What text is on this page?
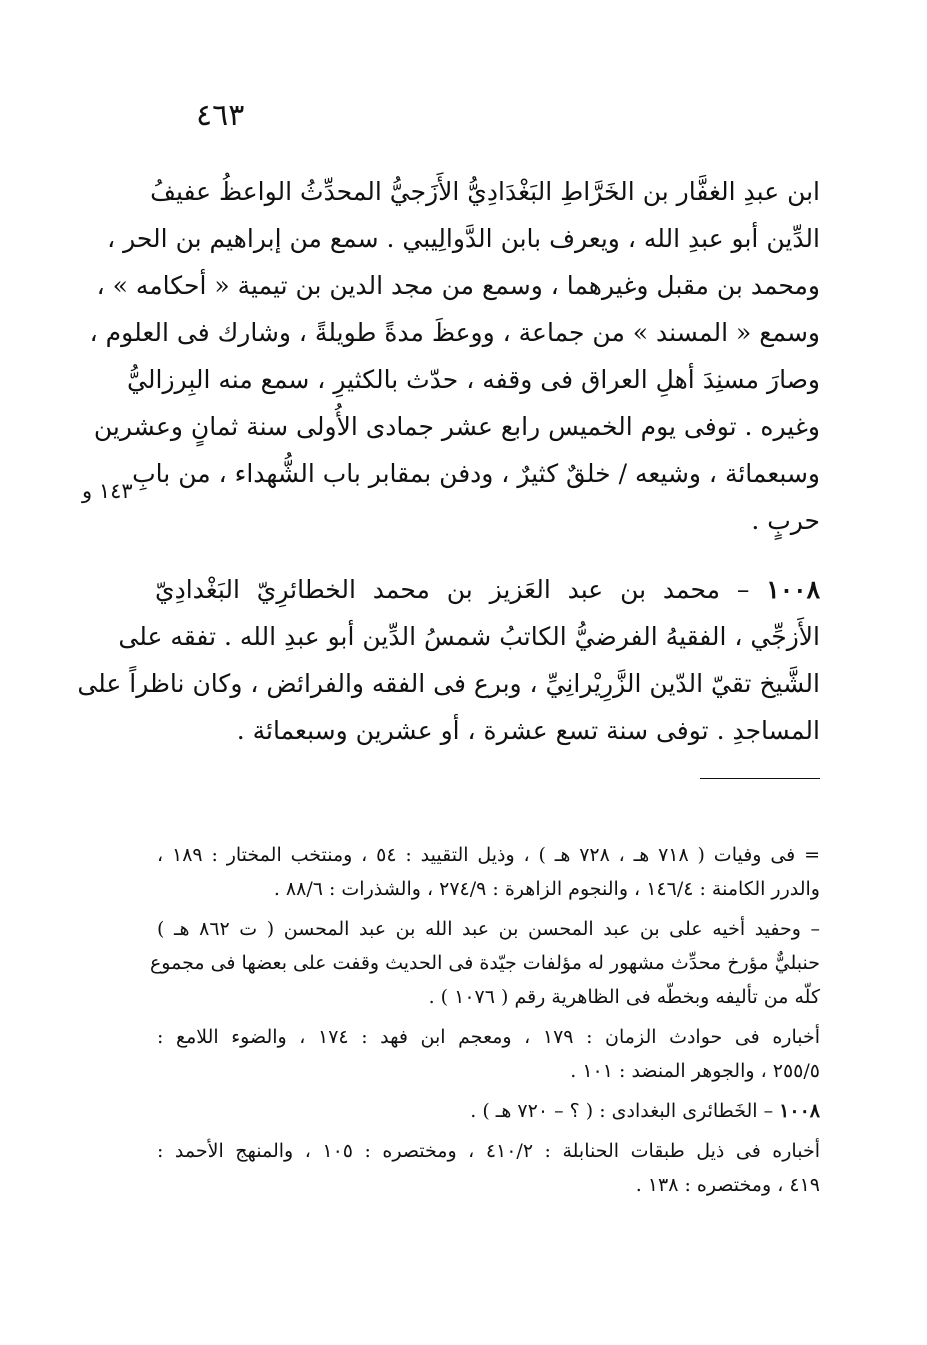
٤٦٣
ابن عبدِ الغفَّار بن الخَرَّاطِ البَغْدَادِيُّ الأَزَجيُّ المحدِّثُ الواعظُ عفيفُ
الدِّين أبو عبدِ الله ، ويعرف بابن الدَّوالِيبي . سمع من إبراهيم بن الحر ،
ومحمد بن مقبل وغيرهما ، وسمع من مجد الدين بن تيمية « أحكامه » ،
وسمع « المسند » من جماعة ، ووعظَ مدةً طويلةً ، وشارك فى العلوم ،
وصارَ مسنِدَ أهلِ العراق فى وقفه ، حدّث بالكثيرِ ، سمع منه البِرزاليُّ
وغيره . توفى يوم الخميس رابع عشر جمادى الأُولى سنة ثمانٍ وعشرين
وسبعمائة ، وشيعه / خلقٌ كثيرٌ ، ودفن بمقابر باب الشُّهداء ، من بابِ
حربٍ .
١٠٠٨ – محمد بن عبد العَزيز بن محمد الخطائرِيّ البَغْدادِيّ
الأَزجِّي ، الفقيهُ الفرضيُّ الكاتبُ شمسُ الدِّين أبو عبدِ الله . تفقه على
الشَّيخ تقيّ الدّين الزَّرِيْرانِيِّ ، وبرع فى الفقه والفرائض ، وكان ناظراً على
المساجدِ . توفى سنة تسع عشرة ، أو عشرين وسبعمائة .
١٤٣ و
= فى وفيات ( ٧١٨ هـ ، ٧٢٨ هـ ) ، وذيل التقييد : ٥٤ ، ومنتخب المختار : ١٨٩ ،
والدرر الكامنة : ١٤٦/٤ ، والنجوم الزاهرة : ٢٧٤/٩ ، والشذرات : ٨٨/٦ .
– وحفيد أخيه على بن عبد المحسن بن عبد الله بن عبد المحسن ( ت ٨٦٢ هـ )
حنبليٌّ مؤرخ محدِّث مشهور له مؤلفات جيّدة فى الحديث وقفت على بعضها فى مجموع
كلّه من تأليفه وبخطّه فى الظاهرية رقم ( ١٠٧٦ ) .
أخباره فى حوادث الزمان : ١٧٩ ، ومعجم ابن فهد : ١٧٤ ، والضوء اللامع :
٢٥٥/٥ ، والجوهر المنضد : ١٠١ .
١٠٠٨ – الخَطائرى البغدادى : ( ؟ – ٧٢٠ هـ ) .
أخباره فى ذيل طبقات الحنابلة : ٤١٠/٢ ، ومختصره : ١٠٥ ، والمنهج الأحمد :
٤١٩ ، ومختصره : ١٣٨ .
